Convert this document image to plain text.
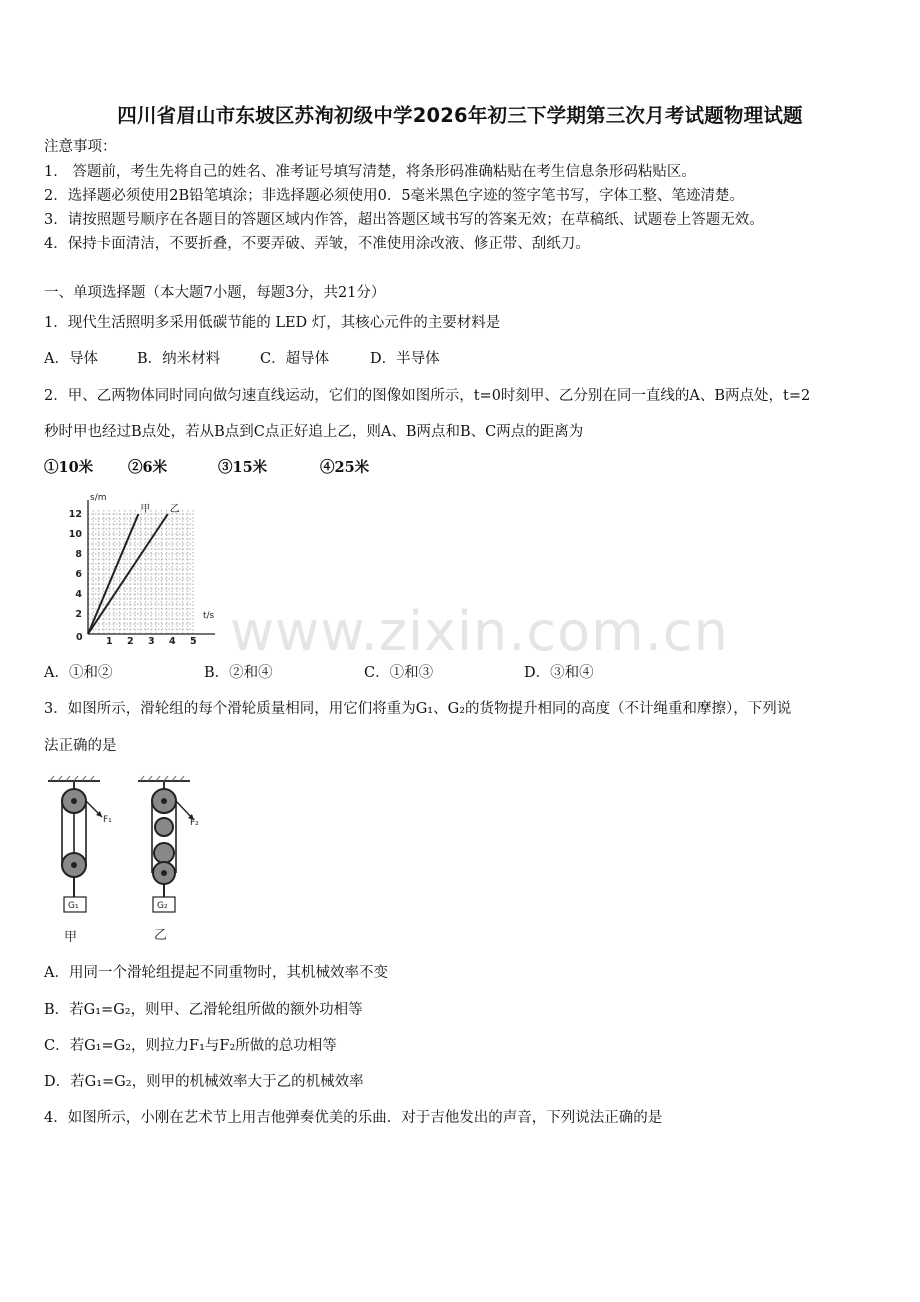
四川省眉山市东坡区苏洵初级中学2026年初三下学期第三次月考试题物理试题
注意事项：
1． 答题前，考生先将自己的姓名、准考证号填写清楚，将条形码准确粘贴在考生信息条形码粘贴区。
2．选择题必须使用2B铅笔填涂；非选择题必须使用0．5毫米黑色字迹的签字笔书写，字体工整、笔迹清楚。
3．请按照题号顺序在各题目的答题区域内作答，超出答题区域书写的答案无效；在草稿纸、试题卷上答题无效。
4．保持卡面清洁，不要折叠，不要弄破、弄皱，不准使用涂改液、修正带、刮纸刀。
一、单项选择题（本大题7小题，每题3分，共21分）
1．现代生活照明多采用低碳节能的 LED 灯，其核心元件的主要材料是
A．导体	B．纳米材料	C．超导体	D．半导体
2．甲、乙两物体同时同向做匀速直线运动，它们的图像如图所示，t=0时刻甲、乙分别在同一直线的A、B两点处，t=2
秒时甲也经过B点处，若从B点到C点正好追上乙，则A、B两点和B、C两点的距离为
①10米 ②6米	③15米	④25米
t/s
s/m
0 1 2 3 4 5
2
4
6
8
10
12	甲 乙
A．①和②	B．②和④	C．①和③	D．③和④
3．如图所示，滑轮组的每个滑轮质量相同，用它们将重为G₁、G₂的货物提升相同的高度（不计绳重和摩擦），下列说
法正确的是
F₁
G₁
甲
F₂
G₂
乙
A．用同一个滑轮组提起不同重物时，其机械效率不变
B．若G₁=G₂，则甲、乙滑轮组所做的额外功相等
C．若G₁=G₂，则拉力F₁与F₂所做的总功相等
D．若G₁=G₂，则甲的机械效率大于乙的机械效率
4．如图所示，小刚在艺术节上用吉他弹奏优美的乐曲．对于吉他发出的声音，下列说法正确的是
www.zixin.com.cn
